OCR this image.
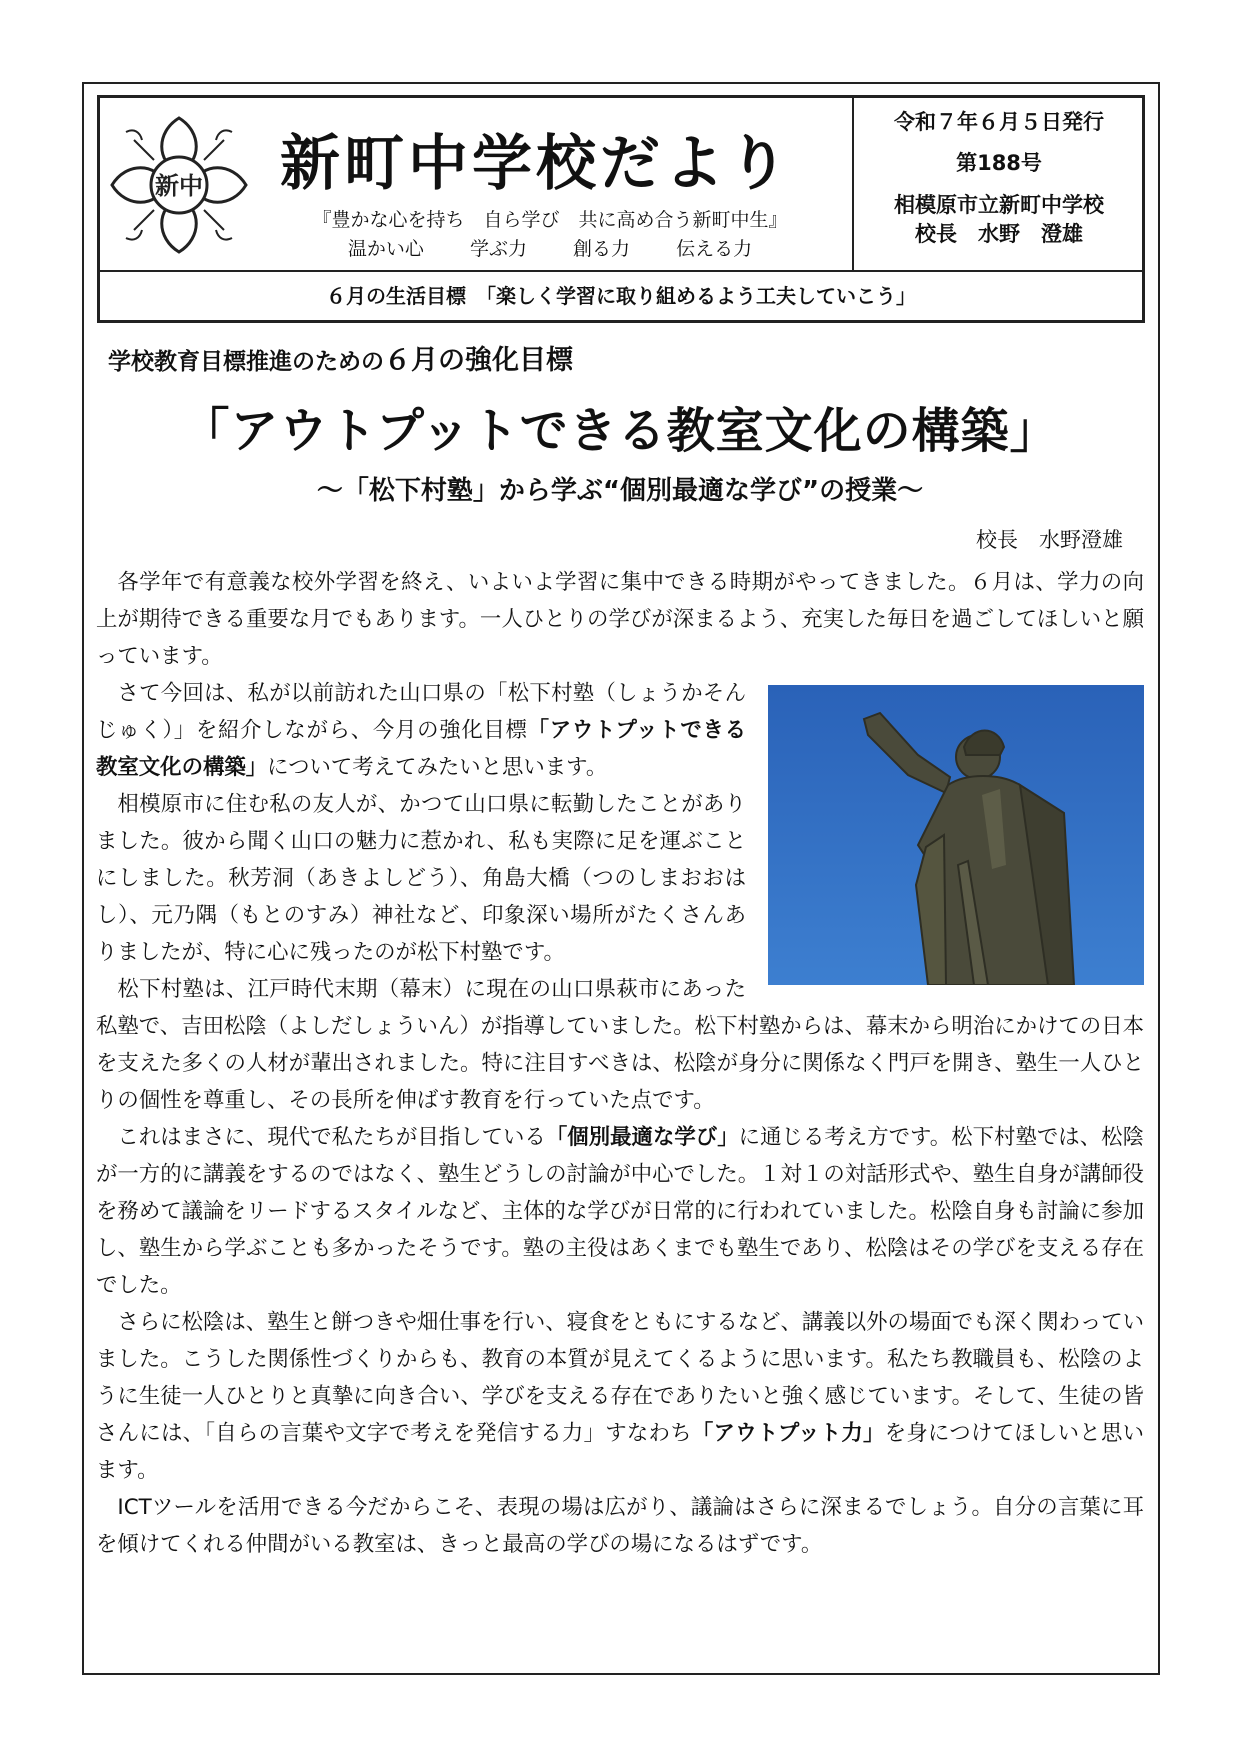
新中 新町中学校だより
『豊かな心を持ち　自ら学び　共に高め合う新町中生』
温かい心 学ぶ力 創る力 伝える力
令和７年６月５日発行
第188号
相模原市立新町中学校
校長　水野　澄雄
６月の生活目標　「楽しく学習に取り組めるよう工夫していこう」
学校教育目標推進のための６月の強化目標
「アウトプットできる教室文化の構築」
～「松下村塾」から学ぶ“個別最適な学び”の授業～
校長　水野澄雄

各学年で有意義な校外学習を終え、いよいよ学習に集中できる時期がやってきました。６月は、学力の向上が期待できる重要な月でもあります。一人ひとりの学びが深まるよう、充実した毎日を過ごしてほしいと願っています。

さて今回は、私が以前訪れた山口県の「松下村塾（しょうかそんじゅく）」を紹介しながら、今月の強化目標「アウトプットできる教室文化の構築」について考えてみたいと思います。

相模原市に住む私の友人が、かつて山口県に転勤したことがありました。彼から聞く山口の魅力に惹かれ、私も実際に足を運ぶことにしました。秋芳洞（あきよしどう）、角島大橋（つのしまおおはし）、元乃隅（もとのすみ）神社など、印象深い場所がたくさんありましたが、特に心に残ったのが松下村塾です。

松下村塾は、江戸時代末期（幕末）に現在の山口県萩市にあった私塾で、吉田松陰（よしだしょういん）が指導していました。松下村塾からは、幕末から明治にかけての日本を支えた多くの人材が輩出されました。特に注目すべきは、松陰が身分に関係なく門戸を開き、塾生一人ひとりの個性を尊重し、その長所を伸ばす教育を行っていた点です。

これはまさに、現代で私たちが目指している「個別最適な学び」に通じる考え方です。松下村塾では、松陰が一方的に講義をするのではなく、塾生どうしの討論が中心でした。１対１の対話形式や、塾生自身が講師役を務めて議論をリードするスタイルなど、主体的な学びが日常的に行われていました。松陰自身も討論に参加し、塾生から学ぶことも多かったそうです。塾の主役はあくまでも塾生であり、松陰はその学びを支える存在でした。

さらに松陰は、塾生と餅つきや畑仕事を行い、寝食をともにするなど、講義以外の場面でも深く関わっていました。こうした関係性づくりからも、教育の本質が見えてくるように思います。私たち教職員も、松陰のように生徒一人ひとりと真摯に向き合い、学びを支える存在でありたいと強く感じています。そして、生徒の皆さんには、「自らの言葉や文字で考えを発信する力」すなわち「アウトプット力」を身につけてほしいと思います。

ICTツールを活用できる今だからこそ、表現の場は広がり、議論はさらに深まるでしょう。自分の言葉に耳を傾けてくれる仲間がいる教室は、きっと最高の学びの場になるはずです。
